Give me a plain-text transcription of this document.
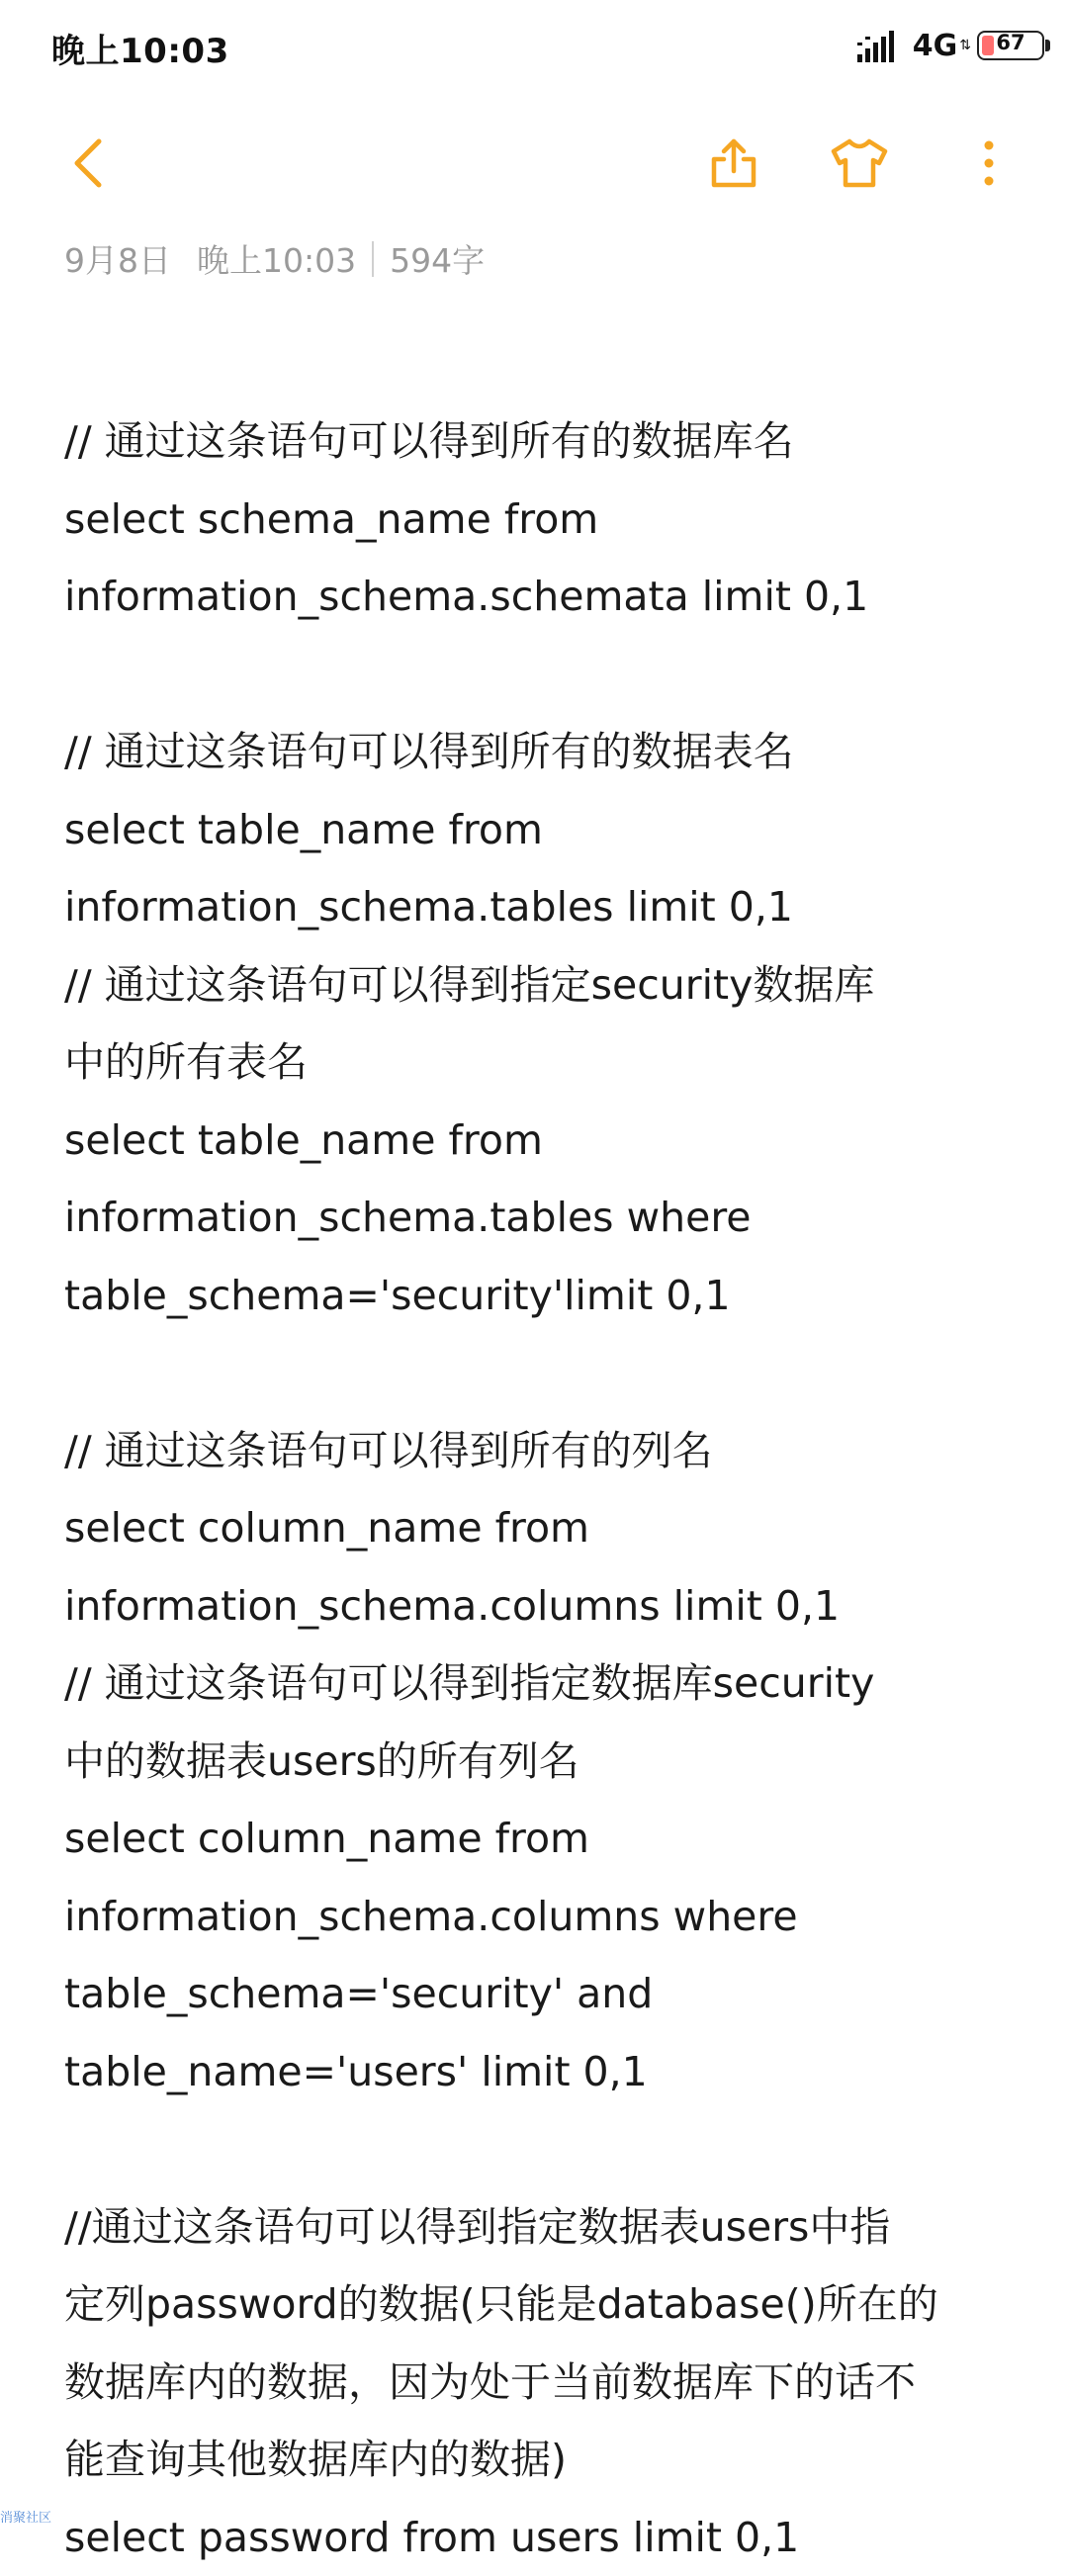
晚上10:03	4G ⇅	67
9月8日 晚上10:03 594字
// 通过这条语句可以得到所有的数据库名
select schema_name from
information_schema.schemata limit 0,1
// 通过这条语句可以得到所有的数据表名
select table_name from
information_schema.tables limit 0,1
// 通过这条语句可以得到指定security数据库
中的所有表名
select table_name from
information_schema.tables where
table_schema='security'limit 0,1
// 通过这条语句可以得到所有的列名
select column_name from
information_schema.columns limit 0,1
// 通过这条语句可以得到指定数据库security
中的数据表users的所有列名
select column_name from
information_schema.columns where
table_schema='security' and
table_name='users' limit 0,1
//通过这条语句可以得到指定数据表users中指
定列password的数据(只能是database()所在的
数据库内的数据，因为处于当前数据库下的话不
能查询其他数据库内的数据)
select password from users limit 0,1
消聚社区
